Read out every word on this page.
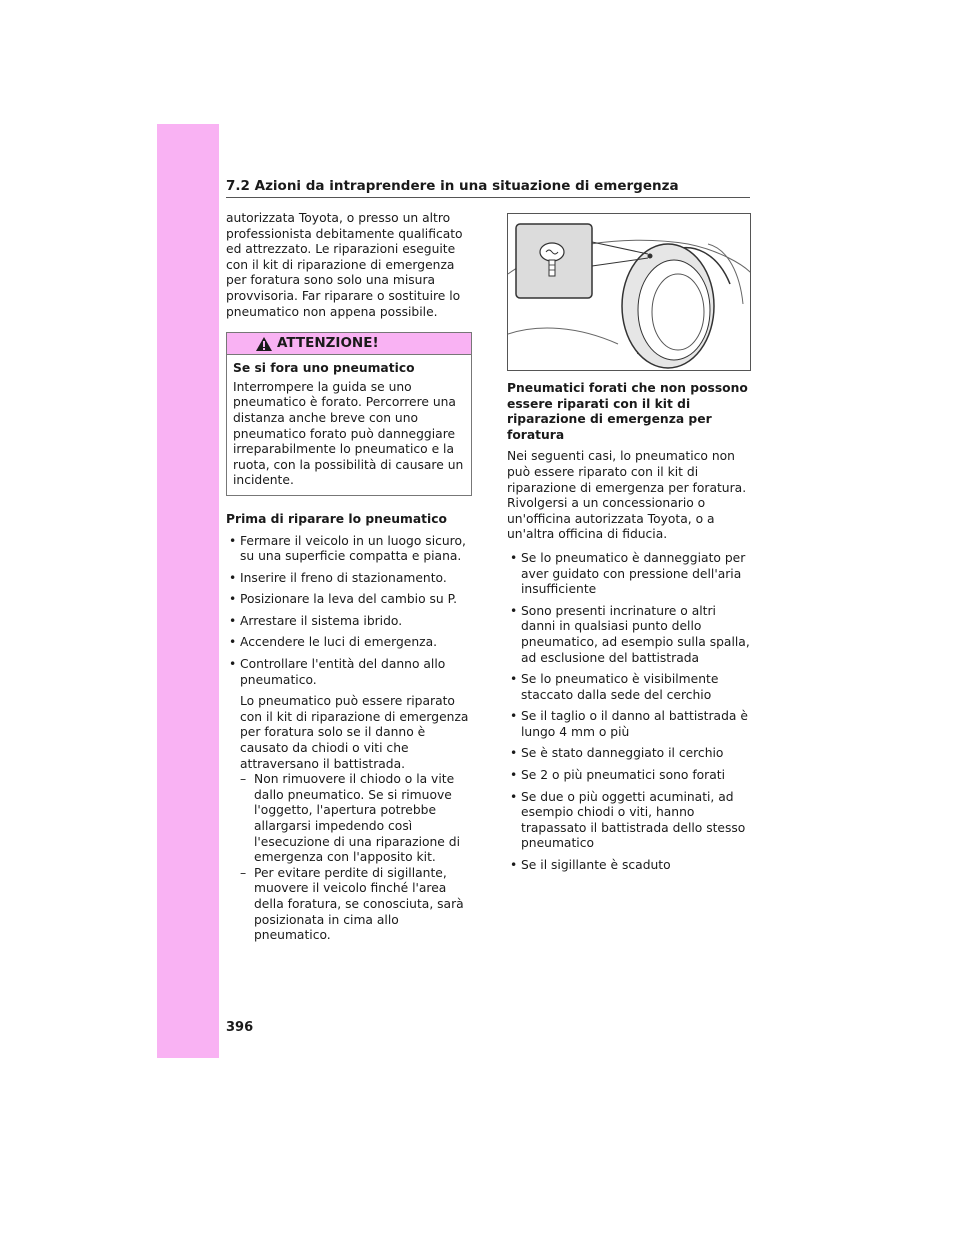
396
7.2 Azioni da intraprendere in una situazione di emergenza

autorizzata Toyota, o presso un altro professionista debitamente qualificato ed attrezzato. Le riparazioni eseguite con il kit di riparazione di emergenza per foratura sono solo una misura provvisoria. Far riparare o sostituire lo pneumatico non appena possibile.

ATTENZIONE!
Se si fora uno pneumatico
Interrompere la guida se uno pneumatico è forato. Percorrere una distanza anche breve con uno pneumatico forato può danneggiare irreparabilmente lo pneumatico e la ruota, con la possibilità di causare un incidente.
Prima di riparare lo pneumatico
• Fermare il veicolo in un luogo sicuro, su una superficie compatta e piana.
• Inserire il freno di stazionamento.
• Posizionare la leva del cambio su P.
• Arrestare il sistema ibrido.
• Accendere le luci di emergenza.
• Controllare l'entità del danno allo pneumatico.
Lo pneumatico può essere riparato con il kit di riparazione di emergenza per foratura solo se il danno è causato da chiodi o viti che attraversano il battistrada.
– Non rimuovere il chiodo o la vite dallo pneumatico. Se si rimuove l'oggetto, l'apertura potrebbe allargarsi impedendo così l'esecuzione di una riparazione di emergenza con l'apposito kit.
– Per evitare perdite di sigillante, muovere il veicolo finché l'area della foratura, se conosciuta, sarà posizionata in cima allo pneumatico.
Pneumatici forati che non possono essere riparati con il kit di riparazione di emergenza per foratura

Nei seguenti casi, lo pneumatico non può essere riparato con il kit di riparazione di emergenza per foratura. Rivolgersi a un concessionario o un'officina autorizzata Toyota, o a un'altra officina di fiducia.

• Se lo pneumatico è danneggiato per aver guidato con pressione dell'aria insufficiente
• Sono presenti incrinature o altri danni in qualsiasi punto dello pneumatico, ad esempio sulla spalla, ad esclusione del battistrada
• Se lo pneumatico è visibilmente staccato dalla sede del cerchio
• Se il taglio o il danno al battistrada è lungo 4 mm o più
• Se è stato danneggiato il cerchio
• Se 2 o più pneumatici sono forati
• Se due o più oggetti acuminati, ad esempio chiodi o viti, hanno trapassato il battistrada dello stesso pneumatico
• Se il sigillante è scaduto
